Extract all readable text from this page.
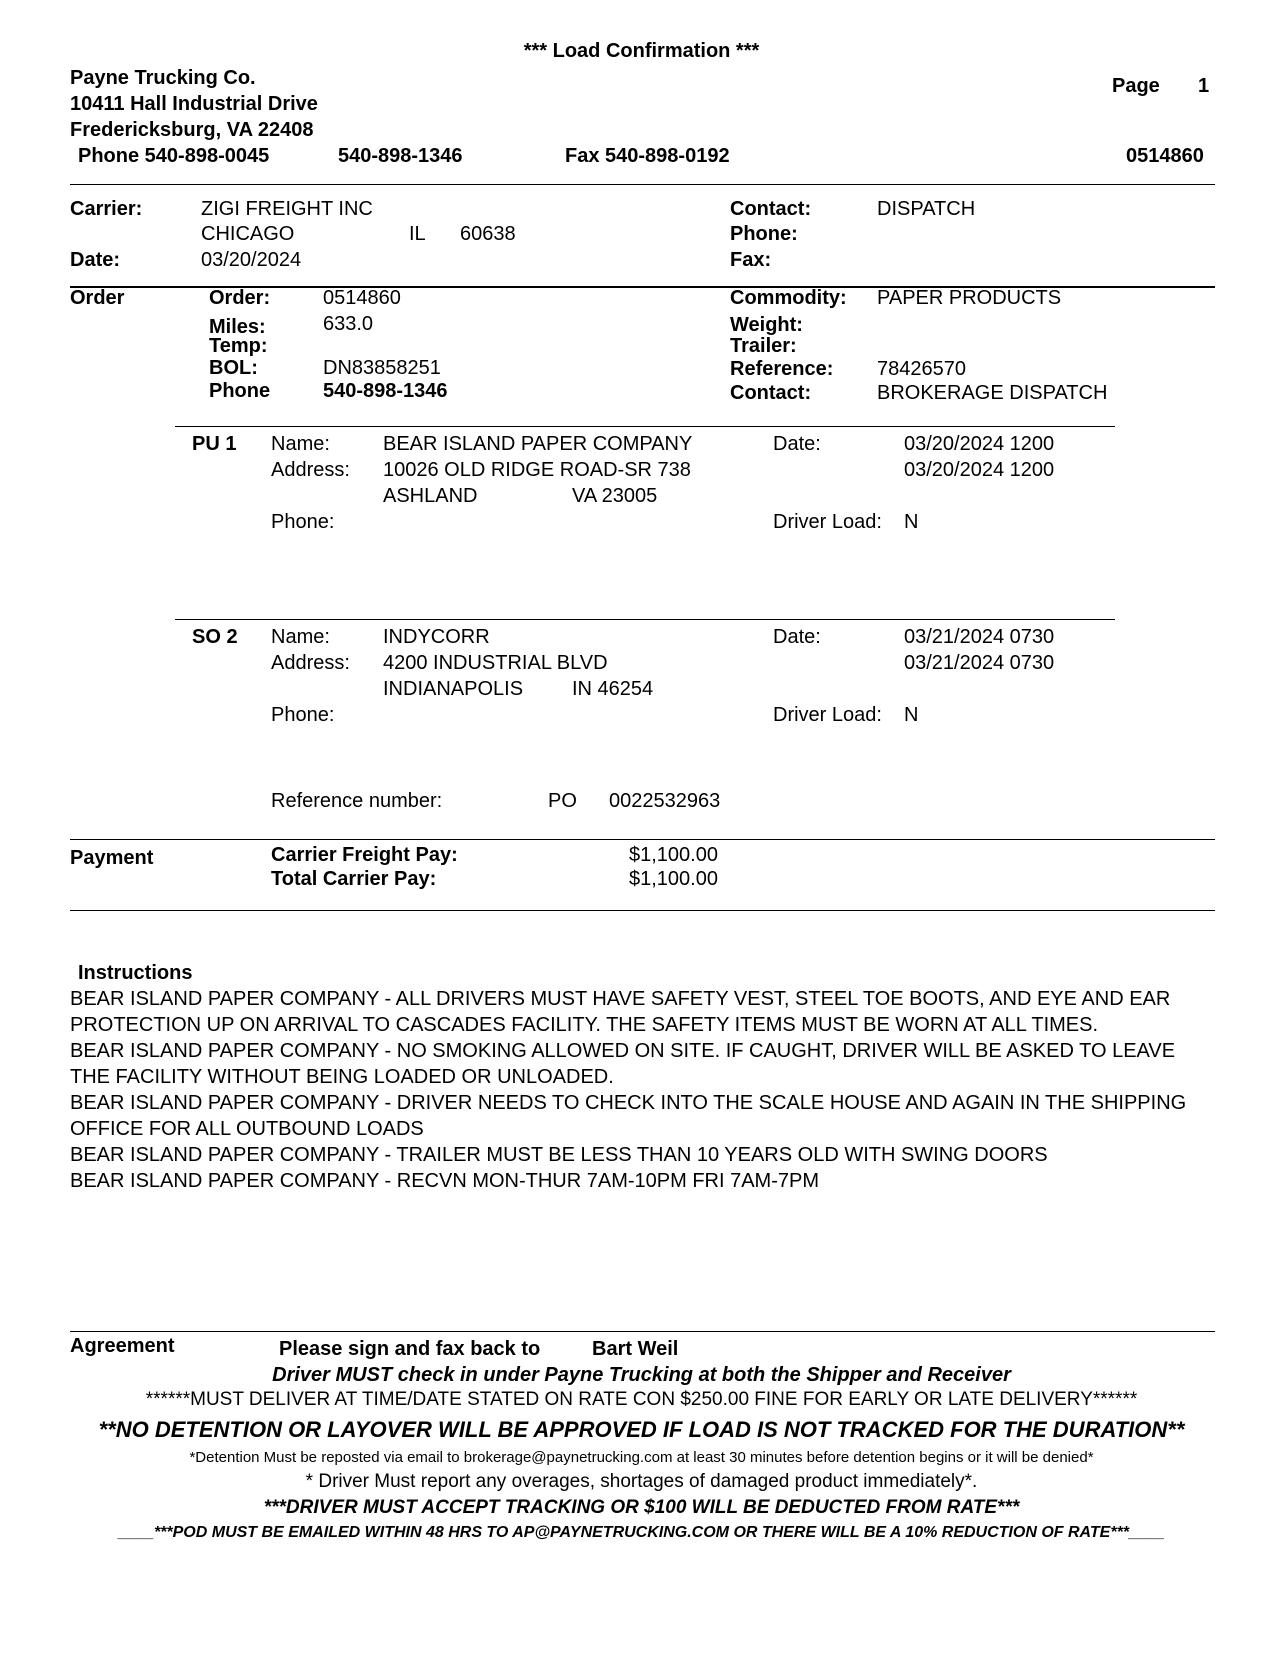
*** Load Confirmation ***
Payne Trucking Co.
10411 Hall Industrial Drive
Fredericksburg, VA 22408
Phone 540-898-0045	540-898-1346	Fax 540-898-0192
Page 1
0514860
Carrier:	ZIGI FREIGHT INC
CHICAGO	IL 60638
Date:	03/20/2024
Contact:	DISPATCH
Phone:
Fax:
Order	Order:	0514860
Miles:	633.0
Temp:
BOL:	DN83858251
Phone	540-898-1346
Commodity: PAPER PRODUCTS
Weight:
Trailer:
Reference: 78426570
Contact:	BROKERAGE DISPATCH
PU 1 Name:	BEAR ISLAND PAPER COMPANY
Address: 10026 OLD RIDGE ROAD-SR 738
ASHLAND	VA 23005
Phone:
Date:	03/20/2024 1200
03/20/2024 1200
Driver Load: N
SO 2 Name:	INDYCORR
Address: 4200 INDUSTRIAL BLVD
INDIANAPOLIS IN 46254
Phone:
Date:	03/21/2024 0730
03/21/2024 0730
Driver Load: N
Reference number:	PO 0022532963
Payment	Carrier Freight Pay:	$1,100.00
Total Carrier Pay:	$1,100.00
Instructions
BEAR ISLAND PAPER COMPANY - ALL DRIVERS MUST HAVE SAFETY VEST, STEEL TOE BOOTS, AND EYE AND EAR PROTECTION UP ON ARRIVAL TO CASCADES FACILITY. THE SAFETY ITEMS MUST BE WORN AT ALL TIMES.
BEAR ISLAND PAPER COMPANY - NO SMOKING ALLOWED ON SITE. IF CAUGHT, DRIVER WILL BE ASKED TO LEAVE THE FACILITY WITHOUT BEING LOADED OR UNLOADED.
BEAR ISLAND PAPER COMPANY - DRIVER NEEDS TO CHECK INTO THE SCALE HOUSE AND AGAIN IN THE SHIPPING OFFICE FOR ALL OUTBOUND LOADS
BEAR ISLAND PAPER COMPANY - TRAILER MUST BE LESS THAN 10 YEARS OLD WITH SWING DOORS
BEAR ISLAND PAPER COMPANY - RECVN MON-THUR 7AM-10PM FRI 7AM-7PM
Agreement	Please sign and fax back to	Bart Weil
Driver MUST check in under Payne Trucking at both the Shipper and Receiver
******MUST DELIVER AT TIME/DATE STATED ON RATE CON $250.00 FINE FOR EARLY OR LATE DELIVERY******
**NO DETENTION OR LAYOVER WILL BE APPROVED IF LOAD IS NOT TRACKED FOR THE DURATION**
*Detention Must be reposted via email to brokerage@paynetrucking.com at least 30 minutes before detention begins or it will be denied*
* Driver Must report any overages, shortages of damaged product immediately*.
***DRIVER MUST ACCEPT TRACKING OR $100 WILL BE DEDUCTED FROM RATE***
____***POD MUST BE EMAILED WITHIN 48 HRS TO AP@PAYNETRUCKING.COM OR THERE WILL BE A 10% REDUCTION OF RATE***____
